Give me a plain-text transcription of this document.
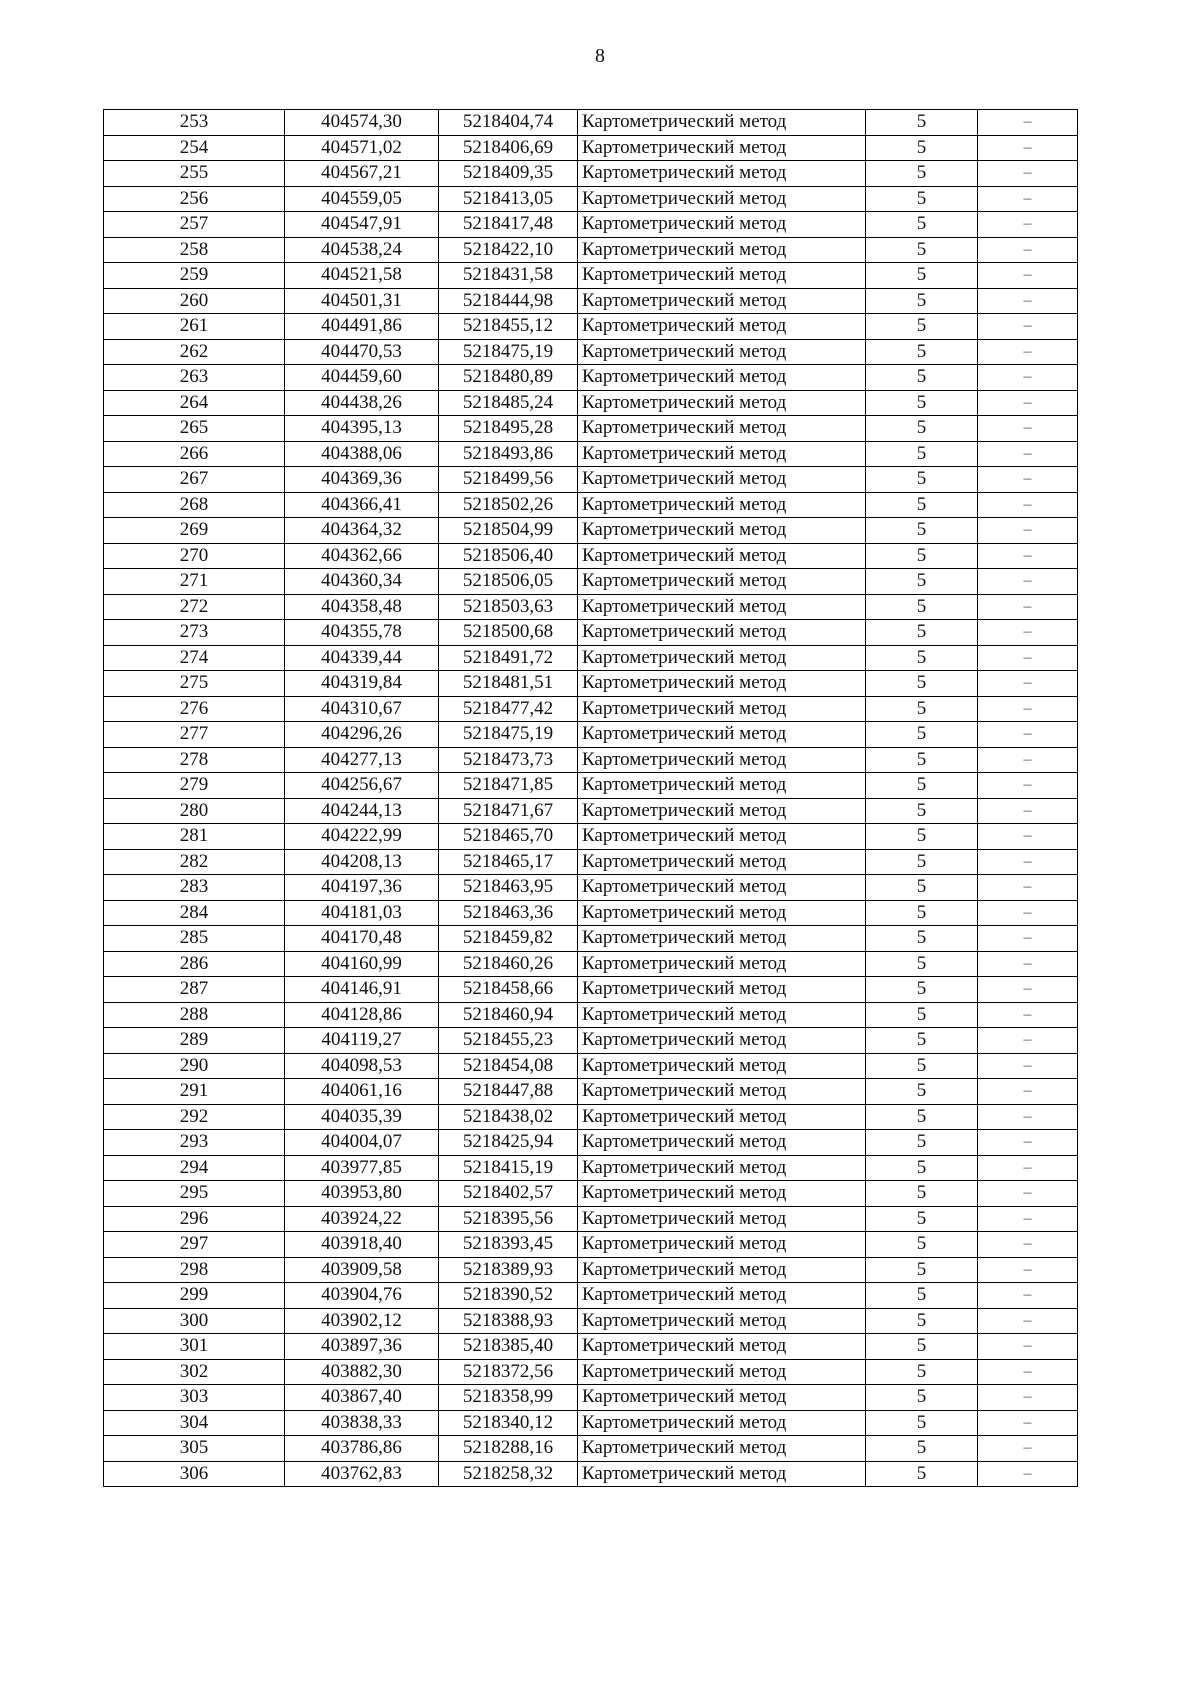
8
253	404574,30	5218404,74	Картометрический метод	5	–
254	404571,02	5218406,69	Картометрический метод	5	–
255	404567,21	5218409,35	Картометрический метод	5	–
256	404559,05	5218413,05	Картометрический метод	5	–
257	404547,91	5218417,48	Картометрический метод	5	–
258	404538,24	5218422,10	Картометрический метод	5	–
259	404521,58	5218431,58	Картометрический метод	5	–
260	404501,31	5218444,98	Картометрический метод	5	–
261	404491,86	5218455,12	Картометрический метод	5	–
262	404470,53	5218475,19	Картометрический метод	5	–
263	404459,60	5218480,89	Картометрический метод	5	–
264	404438,26	5218485,24	Картометрический метод	5	–
265	404395,13	5218495,28	Картометрический метод	5	–
266	404388,06	5218493,86	Картометрический метод	5	–
267	404369,36	5218499,56	Картометрический метод	5	–
268	404366,41	5218502,26	Картометрический метод	5	–
269	404364,32	5218504,99	Картометрический метод	5	–
270	404362,66	5218506,40	Картометрический метод	5	–
271	404360,34	5218506,05	Картометрический метод	5	–
272	404358,48	5218503,63	Картометрический метод	5	–
273	404355,78	5218500,68	Картометрический метод	5	–
274	404339,44	5218491,72	Картометрический метод	5	–
275	404319,84	5218481,51	Картометрический метод	5	–
276	404310,67	5218477,42	Картометрический метод	5	–
277	404296,26	5218475,19	Картометрический метод	5	–
278	404277,13	5218473,73	Картометрический метод	5	–
279	404256,67	5218471,85	Картометрический метод	5	–
280	404244,13	5218471,67	Картометрический метод	5	–
281	404222,99	5218465,70	Картометрический метод	5	–
282	404208,13	5218465,17	Картометрический метод	5	–
283	404197,36	5218463,95	Картометрический метод	5	–
284	404181,03	5218463,36	Картометрический метод	5	–
285	404170,48	5218459,82	Картометрический метод	5	–
286	404160,99	5218460,26	Картометрический метод	5	–
287	404146,91	5218458,66	Картометрический метод	5	–
288	404128,86	5218460,94	Картометрический метод	5	–
289	404119,27	5218455,23	Картометрический метод	5	–
290	404098,53	5218454,08	Картометрический метод	5	–
291	404061,16	5218447,88	Картометрический метод	5	–
292	404035,39	5218438,02	Картометрический метод	5	–
293	404004,07	5218425,94	Картометрический метод	5	–
294	403977,85	5218415,19	Картометрический метод	5	–
295	403953,80	5218402,57	Картометрический метод	5	–
296	403924,22	5218395,56	Картометрический метод	5	–
297	403918,40	5218393,45	Картометрический метод	5	–
298	403909,58	5218389,93	Картометрический метод	5	–
299	403904,76	5218390,52	Картометрический метод	5	–
300	403902,12	5218388,93	Картометрический метод	5	–
301	403897,36	5218385,40	Картометрический метод	5	–
302	403882,30	5218372,56	Картометрический метод	5	–
303	403867,40	5218358,99	Картометрический метод	5	–
304	403838,33	5218340,12	Картометрический метод	5	–
305	403786,86	5218288,16	Картометрический метод	5	–
306	403762,83	5218258,32	Картометрический метод	5	–
